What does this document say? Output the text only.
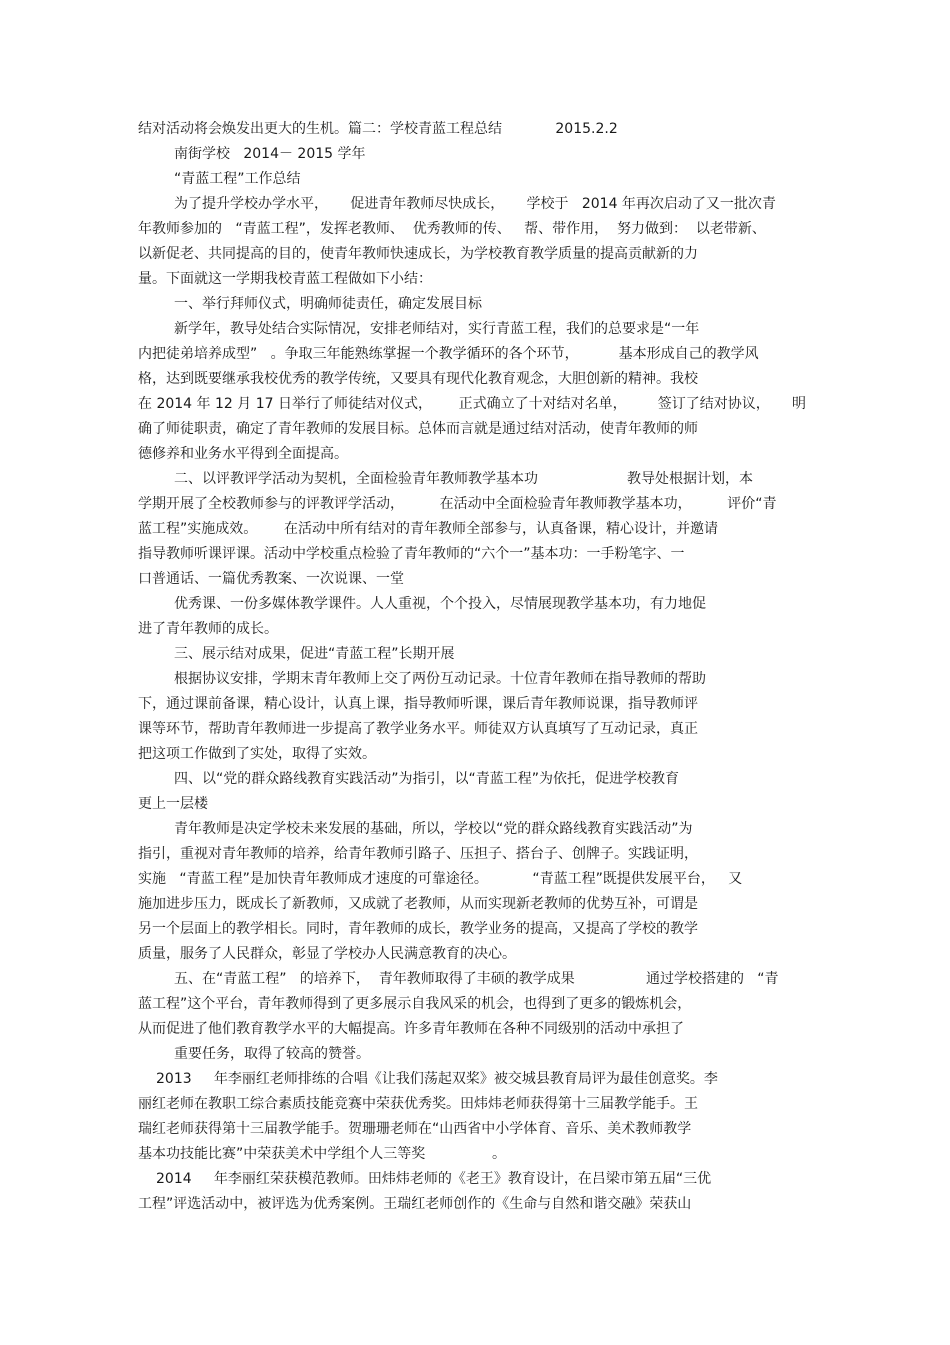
结对活动将会焕发出更大的生机。篇二：学校青蓝工程总结            2015.2.2
南街学校   2014－ 2015 学年
“青蓝工程”工作总结
为了提升学校办学水平，     促进青年教师尽快成长，     学校于   2014 年再次启动了又一批次青
年教师参加的   “青蓝工程”，发挥老教师、  优秀教师的传、   帮、带作用，  努力做到：  以老带新、
以新促老、共同提高的目的，使青年教师快速成长，为学校教育教学质量的提高贡献新的力
量。下面就这一学期我校青蓝工程做如下小结：
一、举行拜师仪式，明确师徒责任，确定发展目标
新学年，教导处结合实际情况，安排老师结对，实行青蓝工程，我们的总要求是“一年
内把徒弟培养成型”   。争取三年能熟练掌握一个教学循环的各个环节，         基本形成自己的教学风
格，达到既要继承我校优秀的教学传统，又要具有现代化教育观念，大胆创新的精神。我校
在 2014 年 12 月 17 日举行了师徒结对仪式，      正式确立了十对结对名单，       签订了结对协议，     明
确了师徒职责，确定了青年教师的发展目标。总体而言就是通过结对活动，使青年教师的师
德修养和业务水平得到全面提高。
二、以评教评学活动为契机，全面检验青年教师教学基本功                    教导处根据计划，本
学期开展了全校教师参与的评教评学活动，        在活动中全面检验青年教师教学基本功，        评价“青
蓝工程”实施成效。      在活动中所有结对的青年教师全部参与，认真备课，精心设计，并邀请
指导教师听课评课。活动中学校重点检验了青年教师的“六个一”基本功：一手粉笔字、一
口普通话、一篇优秀教案、一次说课、一堂
优秀课、一份多媒体教学课件。人人重视，个个投入，尽情展现教学基本功，有力地促
进了青年教师的成长。
三、展示结对成果，促进“青蓝工程”长期开展
根据协议安排，学期末青年教师上交了两份互动记录。十位青年教师在指导教师的帮助
下，通过课前备课，精心设计，认真上课，指导教师听课，课后青年教师说课，指导教师评
课等环节，帮助青年教师进一步提高了教学业务水平。师徒双方认真填写了互动记录，真正
把这项工作做到了实处，取得了实效。
四、以“党的群众路线教育实践活动”为指引，以“青蓝工程”为依托，促进学校教育
更上一层楼
青年教师是决定学校未来发展的基础，所以，学校以“党的群众路线教育实践活动”为
指引，重视对青年教师的培养，给青年教师引路子、压担子、搭台子、创牌子。实践证明，
实施   “青蓝工程”是加快青年教师成才速度的可靠途径。          “青蓝工程”既提供发展平台，   又
施加进步压力，既成长了新教师，又成就了老教师，从而实现新老教师的优势互补，可谓是
另一个层面上的教学相长。同时，青年教师的成长，教学业务的提高，又提高了学校的教学
质量，服务了人民群众，彰显了学校办人民满意教育的决心。
五、在“青蓝工程”   的培养下，  青年教师取得了丰硕的教学成果                通过学校搭建的   “青
蓝工程”这个平台，青年教师得到了更多展示自我风采的机会，也得到了更多的锻炼机会，
从而促进了他们教育教学水平的大幅提高。许多青年教师在各种不同级别的活动中承担了
重要任务，取得了较高的赞誉。
2013     年李丽红老师排练的合唱《让我们荡起双桨》被交城县教育局评为最佳创意奖。李
丽红老师在教职工综合素质技能竞赛中荣获优秀奖。田炜炜老师获得第十三届教学能手。王
瑞红老师获得第十三届教学能手。贺珊珊老师在“山西省中小学体育、音乐、美术教师教学
基本功技能比赛”中荣获美术中学组个人三等奖               。
2014     年李丽红荣获模范教师。田炜炜老师的《老王》教育设计，在吕梁市第五届“三优
工程”评选活动中，被评选为优秀案例。王瑞红老师创作的《生命与自然和谐交融》荣获山
